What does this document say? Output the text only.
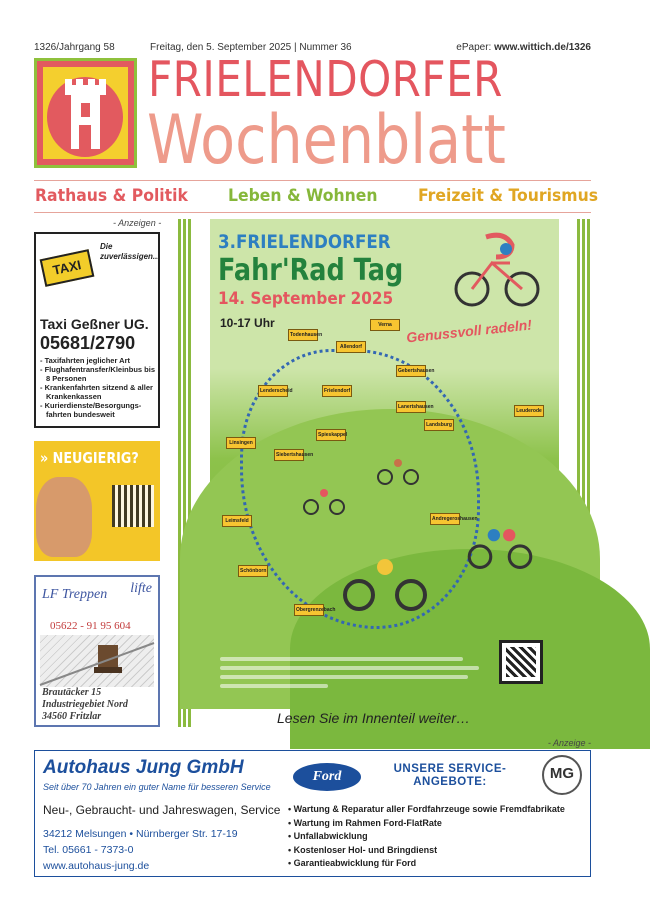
1326/Jahrgang 58	Freitag, den 5. September 2025 | Nummer 36	ePaper: www.wittich.de/1326
FRIELENDORFER
Wochenblatt
Rathaus & Politik Leben & Wohnen Freizeit & Tourismus
- Anzeigen -
TAXI
Die zuverlässigen...
Taxi Geßner UG.
05681/2790
- Taxifahrten jeglicher Art
- Flughafentransfer/Kleinbus bis 8 Personen
- Krankenfahrten sitzend & aller Krankenkassen
- Kurierdienste/Besorgungs- fahrten bundesweit
» NEUGIERIG?
lifte
LF Treppen
05622 - 91 95 604
Brautäcker 15
Industriegebiet Nord
34560 Fritzlar
3.FRIELENDORFER
Fahr'Rad Tag
14. September 2025
10-17 Uhr	Genussvoll radeln!
Todenhausen
Allendorf
Verna
Gebertshausen
Frielendorf
Lenderscheid
Lanertshausen
Landsburg
Leuderode
Spieskappel
Siebertshausen
Linsingen
Leimsfeld	Andregeroshausen
Schönborn
Obergrenzebach
Lesen Sie im Innenteil weiter…
- Anzeige -
Autohaus Jung GmbH
Seit über 70 Jahren ein guter Name für besseren Service
Ford	UNSERE SERVICE-ANGEBOTE:	MG
Neu-, Gebraucht- und Jahreswagen, Service
34212 Melsungen • Nürnberger Str. 17-19
Tel. 05661 - 7373-0
www.autohaus-jung.de
• Wartung & Reparatur aller Fordfahrzeuge sowie Fremdfabrikate
• Wartung im Rahmen Ford-FlatRate
• Unfallabwicklung
• Kostenloser Hol- und Bringdienst
• Garantieabwicklung für Ford
